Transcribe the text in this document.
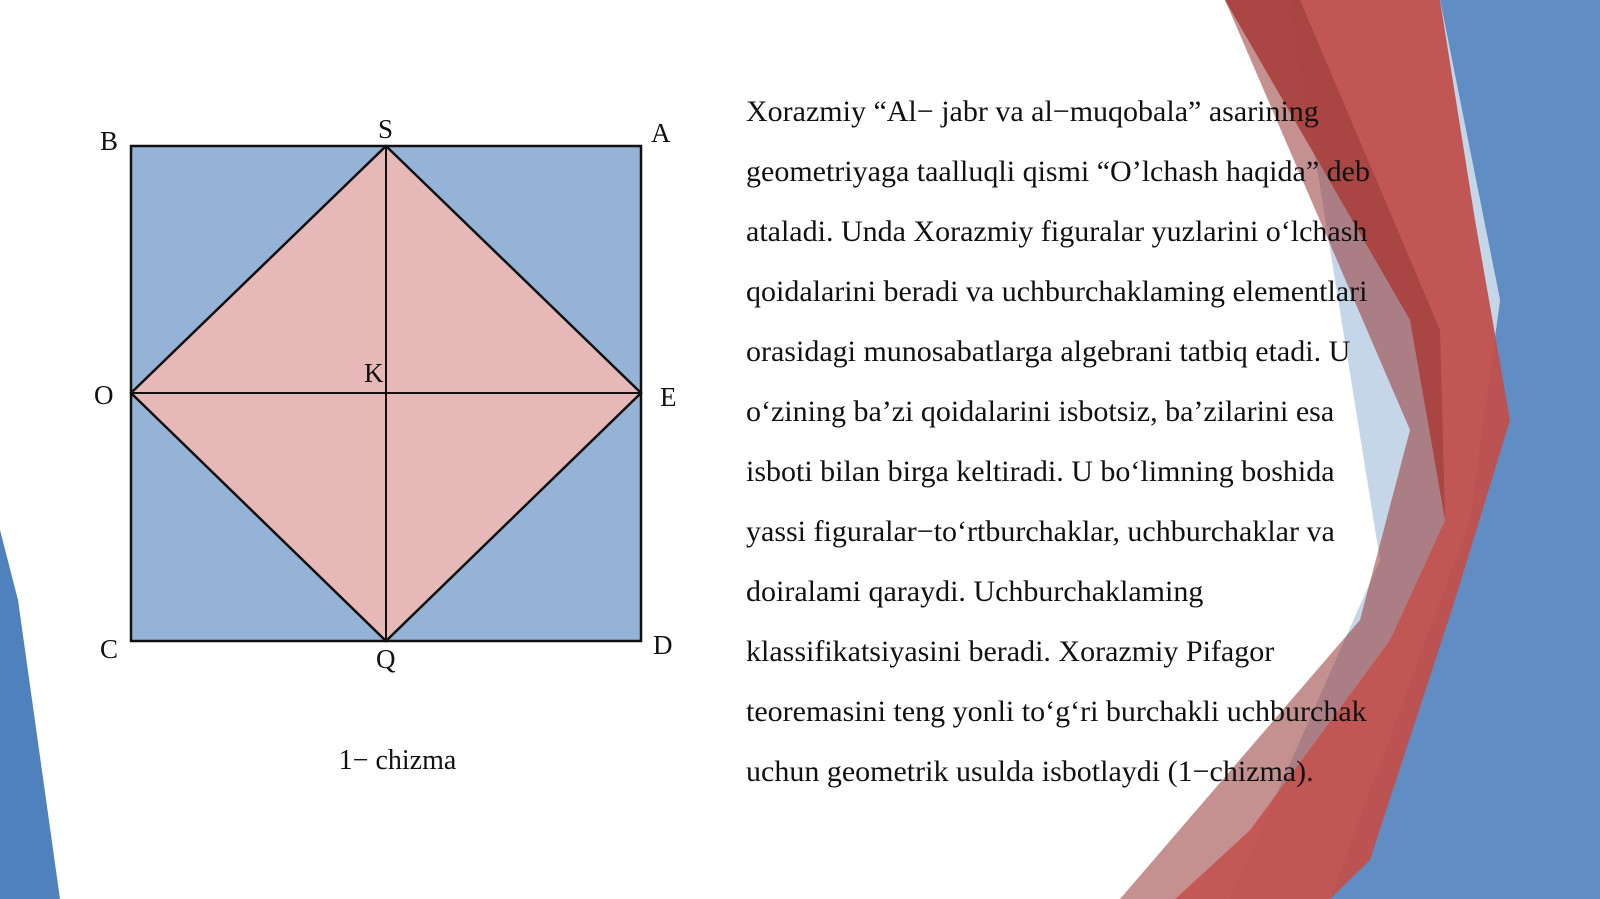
B	S	A
O
K
E
C	Q	D
1− chizma

Xorazmiy “Al− jabr va al−muqobala” asarining
geometriyaga taalluqli qismi “O’lchash haqida” deb
ataladi. Unda Xorazmiy figuralar yuzlarini o‘lchash
qoidalarini beradi va uchburchaklaming elementlari
orasidagi munosabatlarga algebrani tatbiq etadi. U
o‘zining ba’zi qoidalarini isbotsiz, ba’zilarini esa
isboti bilan birga keltiradi. U bo‘limning boshida
yassi figuralar−to‘rtburchaklar, uchburchaklar va
doiralami qaraydi. Uchburchaklaming
klassifikatsiyasini beradi. Xorazmiy Pifagor
teoremasini teng yonli to‘g‘ri burchakli uchburchak
uchun geometrik usulda isbotlaydi (1−chizma).
